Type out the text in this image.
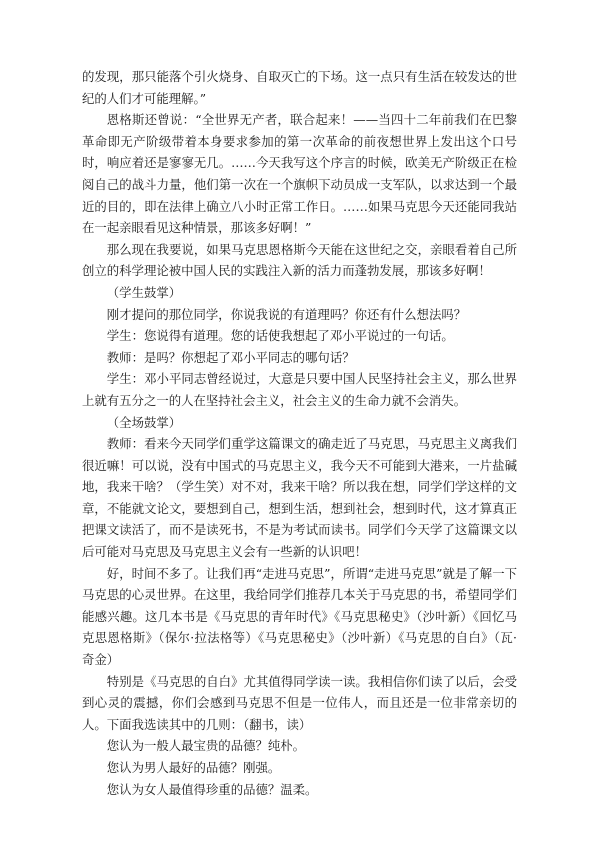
的发现，那只能落个引火烧身、自取灭亡的下场。这一点只有生活在较发达的世纪的人们才可能理解。”

恩格斯还曾说：“全世界无产者，联合起来！——当四十二年前我们在巴黎革命即无产阶级带着本身要求参加的第一次革命的前夜想世界上发出这个口号时，响应着还是寥寥无几。……今天我写这个序言的时候，欧美无产阶级正在检阅自己的战斗力量，他们第一次在一个旗帜下动员成一支军队，以求达到一个最近的目的，即在法律上确立八小时正常工作日。……如果马克思今天还能同我站在一起亲眼看见这种情景，那该多好啊！”

那么现在我要说，如果马克思恩格斯今天能在这世纪之交，亲眼看着自己所创立的科学理论被中国人民的实践注入新的活力而蓬勃发展，那该多好啊！

（学生鼓掌）

刚才提问的那位同学，你说我说的有道理吗？你还有什么想法吗？

学生：您说得有道理。您的话使我想起了邓小平说过的一句话。

教师：是吗？你想起了邓小平同志的哪句话？

学生：邓小平同志曾经说过，大意是只要中国人民坚持社会主义，那么世界上就有五分之一的人在坚持社会主义，社会主义的生命力就不会消失。

（全场鼓掌）

教师：看来今天同学们重学这篇课文的确走近了马克思，马克思主义离我们很近嘛！可以说，没有中国式的马克思主义，我今天不可能到大港来，一片盐碱地，我来干啥？（学生笑）对不对，我来干啥？所以我在想，同学们学这样的文章，不能就文论文，要想到自己，想到生活，想到社会，想到时代，这才算真正把课文读活了，而不是读死书，不是为考试而读书。同学们今天学了这篇课文以后可能对马克思及马克思主义会有一些新的认识吧！

好，时间不多了。让我们再“走进马克思”，所谓“走进马克思”就是了解一下马克思的心灵世界。在这里，我给同学们推荐几本关于马克思的书，希望同学们能感兴趣。这几本书是《马克思的青年时代》《马克思秘史》（沙叶新）《回忆马克思恩格斯》（保尔·拉法格等）《马克思秘史》（沙叶新）《马克思的自白》（瓦·奇金）

特别是《马克思的自白》尤其值得同学读一读。我相信你们读了以后，会受到心灵的震撼，你们会感到马克思不但是一位伟人，而且还是一位非常亲切的人。下面我选读其中的几则：（翻书，读）

您认为一般人最宝贵的品德？纯朴。

您认为男人最好的品德？刚强。

您认为女人最值得珍重的品德？温柔。
